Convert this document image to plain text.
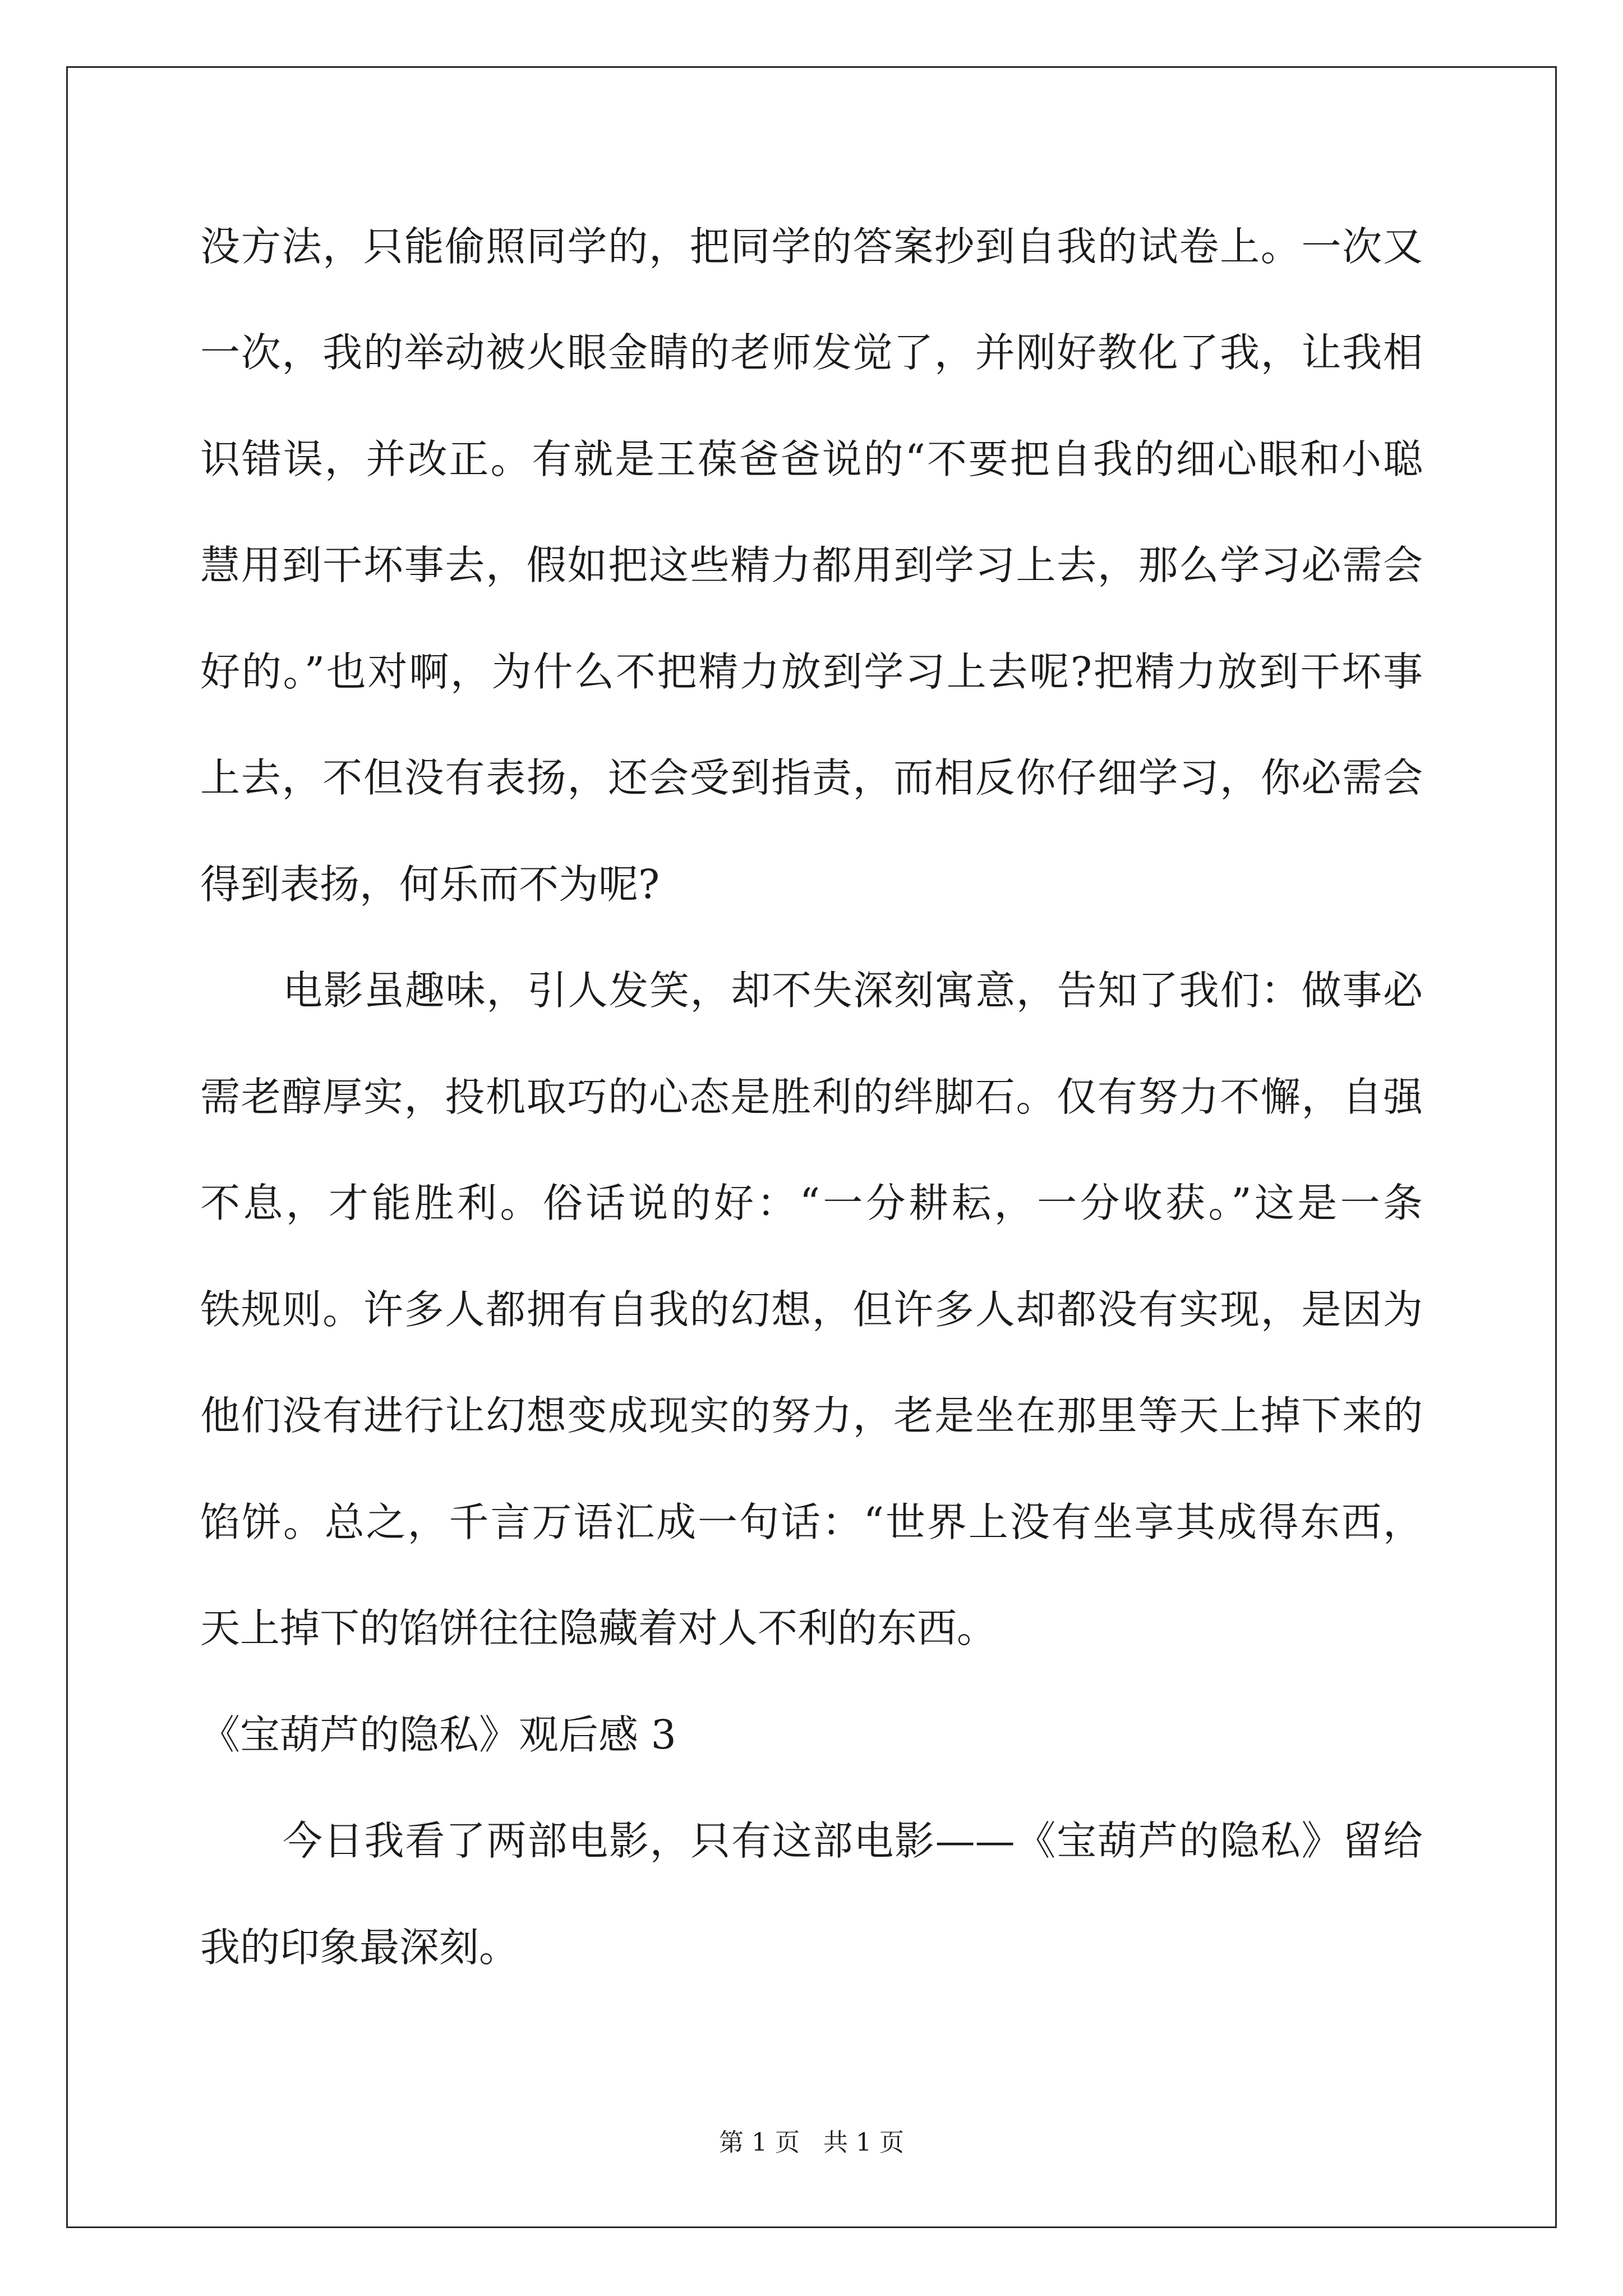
没方法，只能偷照同学的，把同学的答案抄到自我的试卷上。一次又
一次，我的举动被火眼金睛的老师发觉了，并刚好教化了我，让我相
识错误，并改正。有就是王葆爸爸说的“不要把自我的细心眼和小聪
慧用到干坏事去，假如把这些精力都用到学习上去，那么学习必需会
好的。”也对啊，为什么不把精力放到学习上去呢?把精力放到干坏事
上去，不但没有表扬，还会受到指责，而相反你仔细学习，你必需会
得到表扬，何乐而不为呢?
电影虽趣味，引人发笑，却不失深刻寓意，告知了我们：做事必
需老醇厚实，投机取巧的心态是胜利的绊脚石。仅有努力不懈，自强
不息，才能胜利。俗话说的好：“一分耕耘，一分收获。”这是一条
铁规则。许多人都拥有自我的幻想，但许多人却都没有实现，是因为
他们没有进行让幻想变成现实的努力，老是坐在那里等天上掉下来的
馅饼。总之，千言万语汇成一句话：“世界上没有坐享其成得东西，
天上掉下的馅饼往往隐藏着对人不利的东西。
《宝葫芦的隐私》观后感 3
今日我看了两部电影，只有这部电影——《宝葫芦的隐私》留给
我的印象最深刻。
第 1 页   共 1 页
